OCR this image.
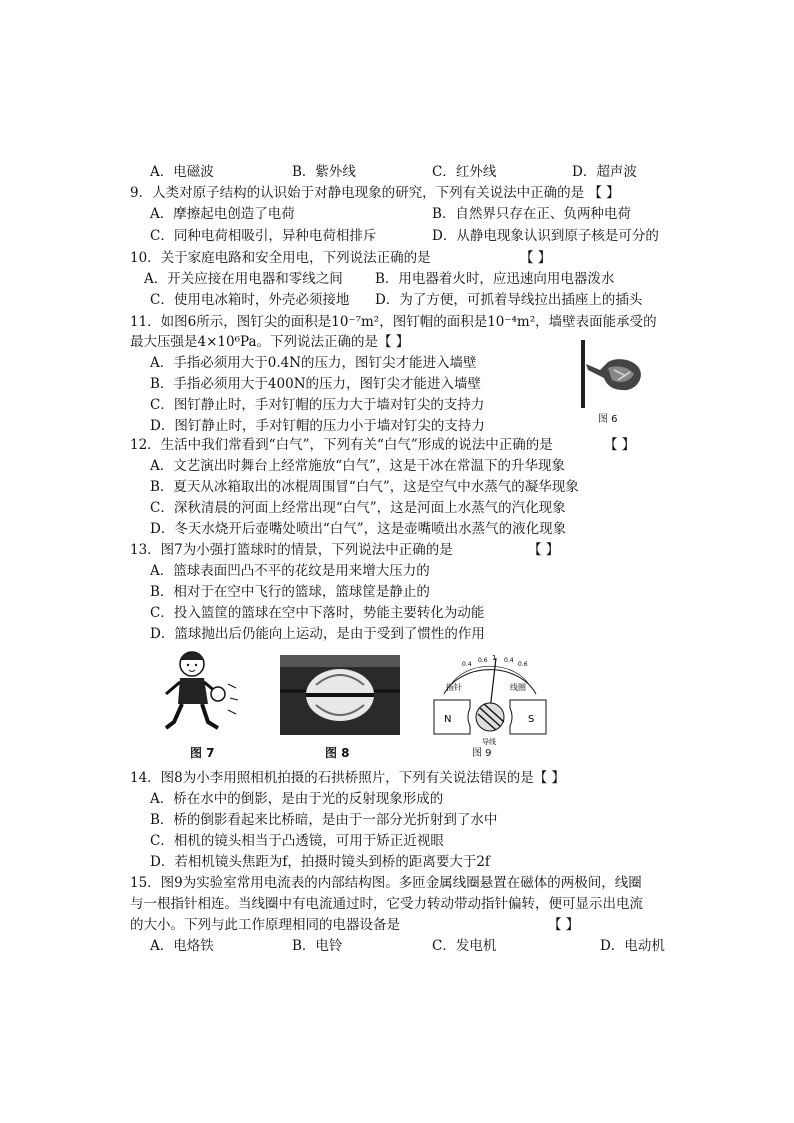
A．电磁波	B．紫外线	C．红外线	D．超声波
9．人类对原子结构的认识始于对静电现象的研究，下列有关说法中正确的是 【 】
A．摩擦起电创造了电荷	B．自然界只存在正、负两种电荷
C．同种电荷相吸引，异种电荷相排斥	D．从静电现象认识到原子核是可分的
10．关于家庭电路和安全用电，下列说法正确的是	【 】
A．开关应接在用电器和零线之间 B．用电器着火时，应迅速向用电器泼水
C．使用电冰箱时，外壳必须接地 D．为了方便，可抓着导线拉出插座上的插头
11．如图6所示，图钉尖的面积是10⁻⁷m²，图钉帽的面积是10⁻⁴m²，墙壁表面能承受的
最大压强是4×10⁶Pa。下列说法正确的是【 】
A．手指必须用大于0.4N的压力，图钉尖才能进入墙壁
B．手指必须用大于400N的压力，图钉尖才能进入墙壁
C．图钉静止时，手对钉帽的压力大于墙对钉尖的支持力
D．图钉静止时，手对钉帽的压力小于墙对钉尖的支持力	图 6
12．生活中我们常看到“白气”，下列有关“白气”形成的说法中正确的是	【 】
A．文艺演出时舞台上经常施放“白气”，这是干冰在常温下的升华现象
B．夏天从冰箱取出的冰棍周围冒“白气”，这是空气中水蒸气的凝华现象
C．深秋清晨的河面上经常出现“白气”，这是河面上水蒸气的汽化现象
D．冬天水烧开后壶嘴处喷出“白气”，这是壶嘴喷出水蒸气的液化现象
13．图7为小强打篮球时的情景，下列说法中正确的是	【 】
A．篮球表面凹凸不平的花纹是用来增大压力的
B．相对于在空中飞行的篮球，篮球筐是静止的
C．投入篮筐的篮球在空中下落时，势能主要转化为动能
D．篮球抛出后仍能向上运动，是由于受到了惯性的作用
图 7	图 8
0.4
0.6 1 0.4
0.6
指针	线圈
N	S
导线
图 9
14．图8为小李用照相机拍摄的石拱桥照片，下列有关说法错误的是【 】
A．桥在水中的倒影，是由于光的反射现象形成的
B．桥的倒影看起来比桥暗，是由于一部分光折射到了水中
C．相机的镜头相当于凸透镜，可用于矫正近视眼
D．若相机镜头焦距为f，拍摄时镜头到桥的距离要大于2f
15．图9为实验室常用电流表的内部结构图。多匝金属线圈悬置在磁体的两极间，线圈
与一根指针相连。当线圈中有电流通过时，它受力转动带动指针偏转，便可显示出电流
的大小。下列与此工作原理相同的电器设备是	【 】
A．电烙铁	B．电铃	C．发电机	D．电动机
